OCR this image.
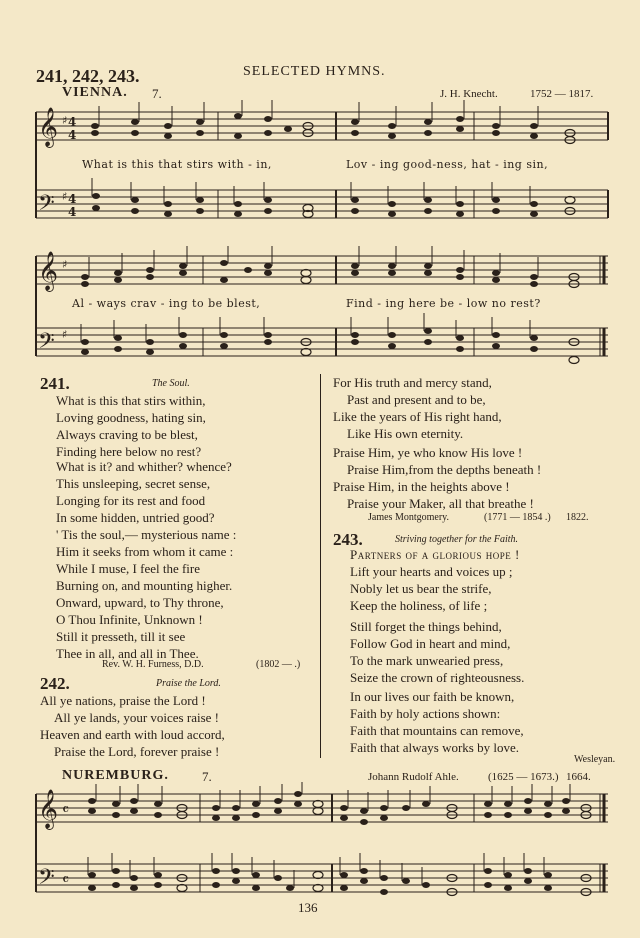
241, 242, 243.	SELECTED HYMNS.
VIENNA. 7.	J. H. Knecht.	1752 — 1817.
𝄞
𝄢
♯ 4
4
♯ 4
4
What is this that stirs with - in,	Lov - ing good-ness, hat - ing sin,
𝄞
𝄢
♯
♯
Al - ways crav - ing to be blest,	Find - ing here be - low no rest?
241.	The Soul.
What is this that stirs within,
Loving goodness, hating sin,
Always craving to be blest,
Finding here below no rest?
What is it? and whither? whence?
This unsleeping, secret sense,
Longing for its rest and food
In some hidden, untried good?
' Tis the soul,— mysterious name :
Him it seeks from whom it came :
While I muse, I feel the fire
Burning on, and mounting higher.
Onward, upward, to Thy throne,
O Thou Infinite, Unknown !
Still it presseth, till it see
Thee in all, and all in Thee.
Rev. W. H. Furness, D.D.	(1802 — .)
242.	Praise the Lord.
All ye nations, praise the Lord !
All ye lands, your voices raise !
Heaven and earth with loud accord,
Praise the Lord, forever praise !
For His truth and mercy stand,
Past and present and to be,
Like the years of His right hand,
Like His own eternity.
Praise Him, ye who know His love !
Praise Him,from the depths beneath !
Praise Him, in the heights above !
Praise your Maker, all that breathe !
James Montgomery.	(1771 — 1854 .) 1822.
243.	Striving together for the Faith.
Partners of a glorious hope !
Lift your hearts and voices up ;
Nobly let us bear the strife,
Keep the holiness, of life ;
Still forget the things behind,
Follow God in heart and mind,
To the mark unwearied press,
Seize the crown of righteousness.
In our lives our faith be known,
Faith by holy actions shown:
Faith that mountains can remove,
Faith that always works by love.
Wesleyan.
NUREMBURG.	7.	Johann Rudolf Ahle.	(1625 — 1673.) 1664.
𝄞
𝄢
𝄴
𝄴
136
